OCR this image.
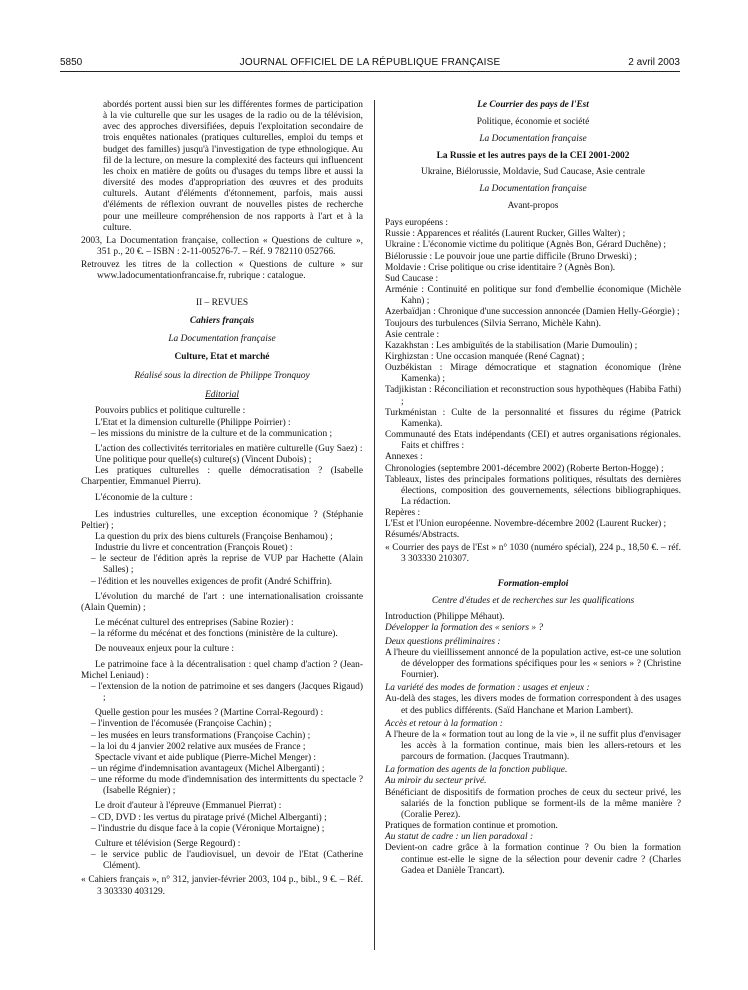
5850	JOURNAL OFFICIEL DE LA RÉPUBLIQUE FRANÇAISE	2 avril 2003

abordés portent aussi bien sur les différentes formes de participation à la vie culturelle que sur les usages de la radio ou de la télévision, avec des approches diversifiées, depuis l'exploitation secondaire de trois enquêtes nationales (pratiques culturelles, emploi du temps et budget des familles) jusqu'à l'investigation de type ethnologique. Au fil de la lecture, on mesure la complexité des facteurs qui influencent les choix en matière de goûts ou d'usages du temps libre et aussi la diversité des modes d'appropriation des œuvres et des produits culturels. Autant d'éléments d'étonnement, parfois, mais aussi d'éléments de réflexion ouvrant de nouvelles pistes de recherche pour une meilleure compréhension de nos rapports à l'art et à la culture.

2003, La Documentation française, collection « Questions de culture », 351 p., 20 €. – ISBN : 2-11-005276-7. – Réf. 9 782110 052766.

Retrouvez les titres de la collection « Questions de culture » sur www.ladocumentationfrancaise.fr, rubrique : catalogue.

II – REVUES

Cahiers français

La Documentation française

Culture, Etat et marché

Réalisé sous la direction de Philippe Tronquoy

Editorial

Pouvoirs publics et politique culturelle :

L'Etat et la dimension culturelle (Philippe Poirrier) :

– les missions du ministre de la culture et de la communication ;

L'action des collectivités territoriales en matière culturelle (Guy Saez) :

Une politique pour quelle(s) culture(s) (Vincent Dubois) ;

Les pratiques culturelles : quelle démocratisation ? (Isabelle Charpentier, Emmanuel Pierru).

L'économie de la culture :

Les industries culturelles, une exception économique ? (Stéphanie Peltier) ;

La question du prix des biens culturels (Françoise Benhamou) ;

Industrie du livre et concentration (François Rouet) :

– le secteur de l'édition après la reprise de VUP par Hachette (Alain Salles) ;

– l'édition et les nouvelles exigences de profit (André Schiffrin).

L'évolution du marché de l'art : une internationalisation croissante (Alain Quemin) ;

Le mécénat culturel des entreprises (Sabine Rozier) :

– la réforme du mécénat et des fonctions (ministère de la culture).

De nouveaux enjeux pour la culture :

Le patrimoine face à la décentralisation : quel champ d'action ? (Jean-Michel Leniaud) :

– l'extension de la notion de patrimoine et ses dangers (Jacques Rigaud) ;

Quelle gestion pour les musées ? (Martine Corral-Regourd) :

– l'invention de l'écomusée (Françoise Cachin) ;

– les musées en leurs transformations (Françoise Cachin) ;

– la loi du 4 janvier 2002 relative aux musées de France ;

Spectacle vivant et aide publique (Pierre-Michel Menger) :

– un régime d'indemnisation avantageux (Michel Alberganti) ;

– une réforme du mode d'indemnisation des intermittents du spectacle ? (Isabelle Régnier) ;

Le droit d'auteur à l'épreuve (Emmanuel Pierrat) :

– CD, DVD : les vertus du piratage privé (Michel Alberganti) ;

– l'industrie du disque face à la copie (Véronique Mortaigne) ;

Culture et télévision (Serge Regourd) :

– le service public de l'audiovisuel, un devoir de l'Etat (Catherine Clément).

« Cahiers français », n° 312, janvier-février 2003, 104 p., bibl., 9 €. – Réf. 3 303330 403129.

Le Courrier des pays de l'Est

Politique, économie et société

La Documentation française

La Russie et les autres pays de la CEI 2001-2002

Ukraine, Biélorussie, Moldavie, Sud Caucase, Asie centrale

La Documentation française

Avant-propos

Pays européens :

Russie : Apparences et réalités (Laurent Rucker, Gilles Walter) ;

Ukraine : L'économie victime du politique (Agnès Bon, Gérard Duchêne) ;

Biélorussie : Le pouvoir joue une partie difficile (Bruno Drweski) ;

Moldavie : Crise politique ou crise identitaire ? (Agnès Bon).

Sud Caucase :

Arménie : Continuité en politique sur fond d'embellie économique (Michèle Kahn) ;

Azerbaïdjan : Chronique d'une succession annoncée (Damien Helly-Géorgie) ;

Toujours des turbulences (Silvia Serrano, Michèle Kahn).

Asie centrale :

Kazakhstan : Les ambiguïtés de la stabilisation (Marie Dumoulin) ;

Kirghizstan : Une occasion manquée (René Cagnat) ;

Ouzbékistan : Mirage démocratique et stagnation économique (Irène Kamenka) ;

Tadjikistan : Réconciliation et reconstruction sous hypothèques (Habiba Fathi) ;

Turkménistan : Culte de la personnalité et fissures du régime (Patrick Kamenka).

Communauté des Etats indépendants (CEI) et autres organisations régionales. Faits et chiffres :

Annexes :

Chronologies (septembre 2001-décembre 2002) (Roberte Berton-Hogge) ;

Tableaux, listes des principales formations politiques, résultats des dernières élections, composition des gouvernements, sélections bibliographiques. La rédaction.

Repères :

L'Est et l'Union européenne. Novembre-décembre 2002 (Laurent Rucker) ;

Résumés/Abstracts.

« Courrier des pays de l'Est » n° 1030 (numéro spécial), 224 p., 18,50 €. – réf. 3 303330 210307.

Formation-emploi

Centre d'études et de recherches sur les qualifications

Introduction (Philippe Méhaut).

Développer la formation des « seniors » ?

Deux questions préliminaires :

A l'heure du vieillissement annoncé de la population active, est-ce une solution de développer des formations spécifiques pour les « seniors » ? (Christine Fournier).

La variété des modes de formation : usages et enjeux :

Au-delà des stages, les divers modes de formation correspondent à des usages et des publics différents. (Saïd Hanchane et Marion Lambert).

Accès et retour à la formation :

A l'heure de la « formation tout au long de la vie », il ne suffit plus d'envisager les accès à la formation continue, mais bien les allers-retours et les parcours de formation. (Jacques Trautmann).

La formation des agents de la fonction publique.

Au miroir du secteur privé.

Bénéficiant de dispositifs de formation proches de ceux du secteur privé, les salariés de la fonction publique se forment-ils de la même manière ? (Coralie Perez).

Pratiques de formation continue et promotion.

Au statut de cadre : un lien paradoxal :

Devient-on cadre grâce à la formation continue ? Ou bien la formation continue est-elle le signe de la sélection pour devenir cadre ? (Charles Gadea et Danièle Trancart).
